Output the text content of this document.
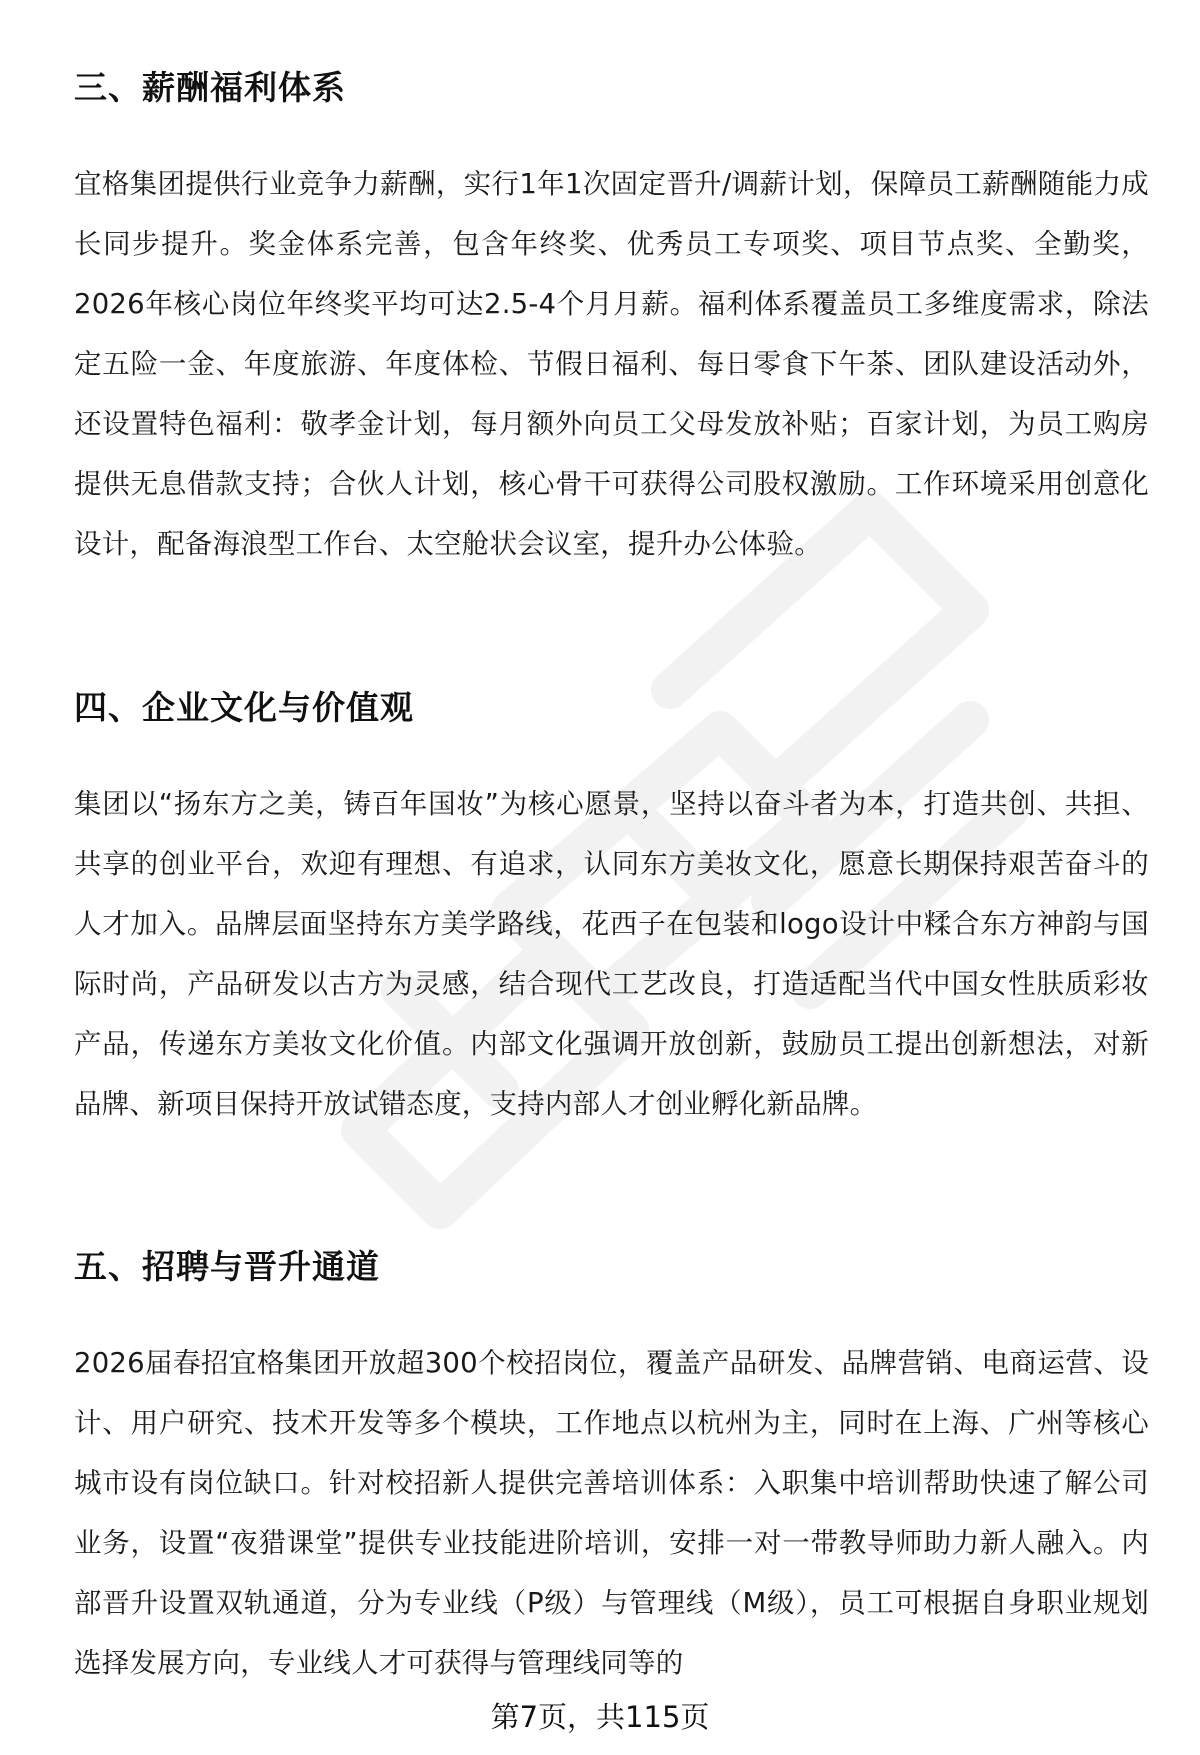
三、薪酬福利体系

宜格集团提供行业竞争力薪酬，实行1年1次固定晋升/调薪计划，保障员工薪酬随能力成长同步提升。奖金体系完善，包含年终奖、优秀员工专项奖、项目节点奖、全勤奖，2026年核心岗位年终奖平均可达2.5-4个月月薪。福利体系覆盖员工多维度需求，除法定五险一金、年度旅游、年度体检、节假日福利、每日零食下午茶、团队建设活动外，还设置特色福利：敬孝金计划，每月额外向员工父母发放补贴；百家计划，为员工购房提供无息借款支持；合伙人计划，核心骨干可获得公司股权激励。工作环境采用创意化设计，配备海浪型工作台、太空舱状会议室，提升办公体验。

四、企业文化与价值观

集团以“扬东方之美，铸百年国妆”为核心愿景，坚持以奋斗者为本，打造共创、共担、共享的创业平台，欢迎有理想、有追求，认同东方美妆文化，愿意长期保持艰苦奋斗的人才加入。品牌层面坚持东方美学路线，花西子在包装和logo设计中糅合东方神韵与国际时尚，产品研发以古方为灵感，结合现代工艺改良，打造适配当代中国女性肤质彩妆产品，传递东方美妆文化价值。内部文化强调开放创新，鼓励员工提出创新想法，对新品牌、新项目保持开放试错态度，支持内部人才创业孵化新品牌。

五、招聘与晋升通道

2026届春招宜格集团开放超300个校招岗位，覆盖产品研发、品牌营销、电商运营、设计、用户研究、技术开发等多个模块，工作地点以杭州为主，同时在上海、广州等核心城市设有岗位缺口。针对校招新人提供完善培训体系：入职集中培训帮助快速了解公司业务，设置“夜猎课堂”提供专业技能进阶培训，安排一对一带教导师助力新人融入。内部晋升设置双轨通道，分为专业线（P级）与管理线（M级），员工可根据自身职业规划选择发展方向，专业线人才可获得与管理线同等的

第7页，共115页
